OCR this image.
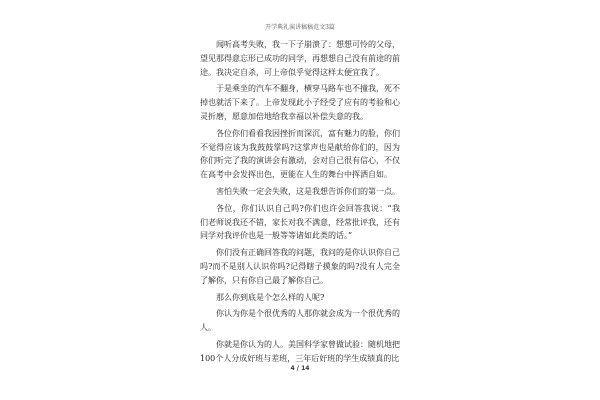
开学典礼演讲稿稿范文3篇

闻听高考失败，我一下子崩溃了：想想可怜的父母，望见那得意忘形已成功的同学，再想想自己没有前途的前途。我决定自杀，可上帝似乎觉得这样太便宜我了。

于是乘坐的汽车不翻身，横穿马路车也不撞我，死不掉也就活下来了。上帝发现此小子经受了应有的考验和心灵折磨，愿意加倍地给我幸福以补偿失意的我。

各位你们看看我因挫折而深沉，富有魅力的脸，你们不觉得应该为我鼓鼓掌吗?这掌声也是献给你们的，因为你们听完了我的演讲会有激动，会对自己很有信心，不仅在高考中会发挥出色，更能在人生的舞台中挥洒自如。

害怕失败一定会失败，这是我想告诉你们的第一点。

各位，你们认识自己吗?你们也许会回答我说：“我们老师说我还不错，家长对我不满意，经常批评我，还有同学对我评价也是一般等等诸如此类的话。”

你们没有正确回答我的问题，我问的是你认识你自己吗?而不是别人认识你吗?记得瞎子摸象的吗?没有人完全了解你，只有你自己最了解你自己。

那么你到底是个怎么样的人呢?

你认为你是个很优秀的人那你就会成为一个很优秀的人。

你就是你认为的人。美国科学家曾做试验：随机地把100个人分成好班与差班，三年后好班的学生成绩真的比

4 / 14
